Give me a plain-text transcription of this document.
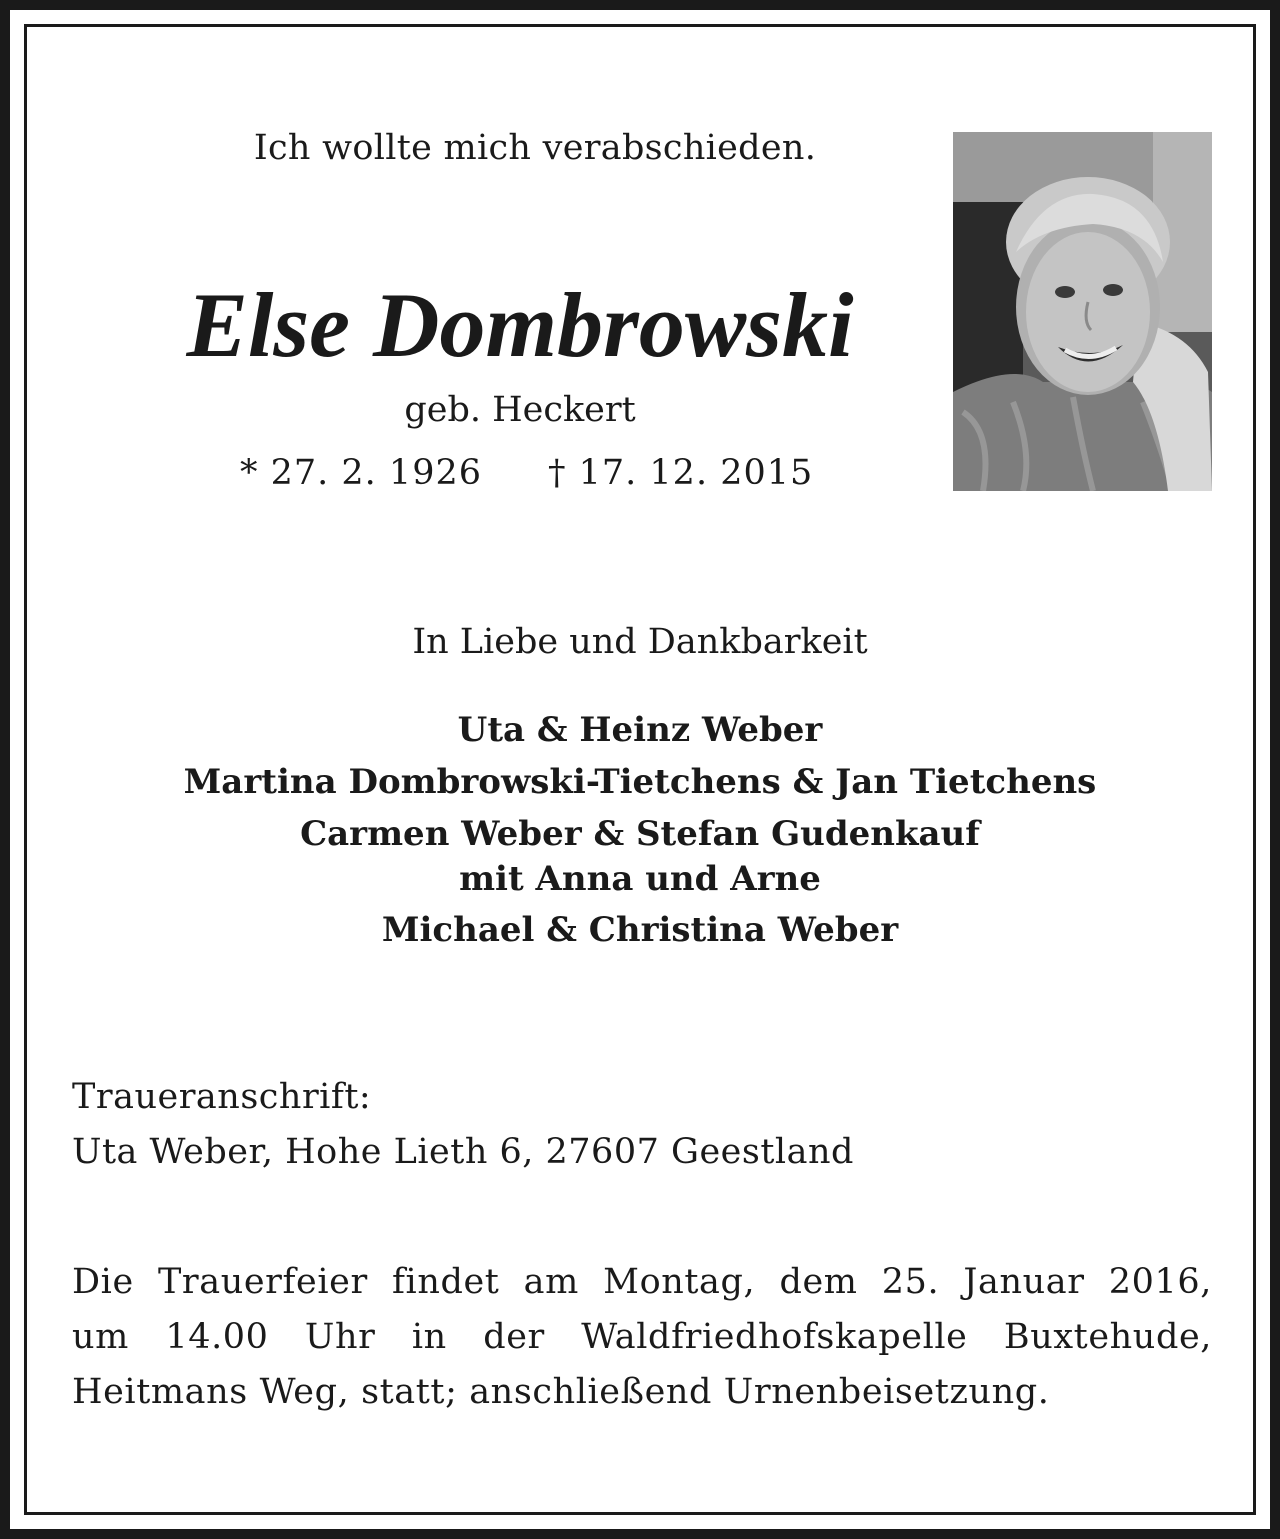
Ich wollte mich verabschieden.
Else Dombrowski
geb. Heckert
* 27. 2. 1926 † 17. 12. 2015
In Liebe und Dankbarkeit
Uta & Heinz Weber
Martina Dombrowski-Tietchens & Jan Tietchens
Carmen Weber & Stefan Gudenkauf
mit Anna und Arne
Michael & Christina Weber
Traueranschrift:
Uta Weber, Hohe Lieth 6, 27607 Geestland
Die Trauerfeier findet am Montag, dem 25. Januar 2016,
um 14.00 Uhr in der Waldfriedhofskapelle Buxtehude,
Heitmans Weg, statt; anschließend Urnenbeisetzung.
